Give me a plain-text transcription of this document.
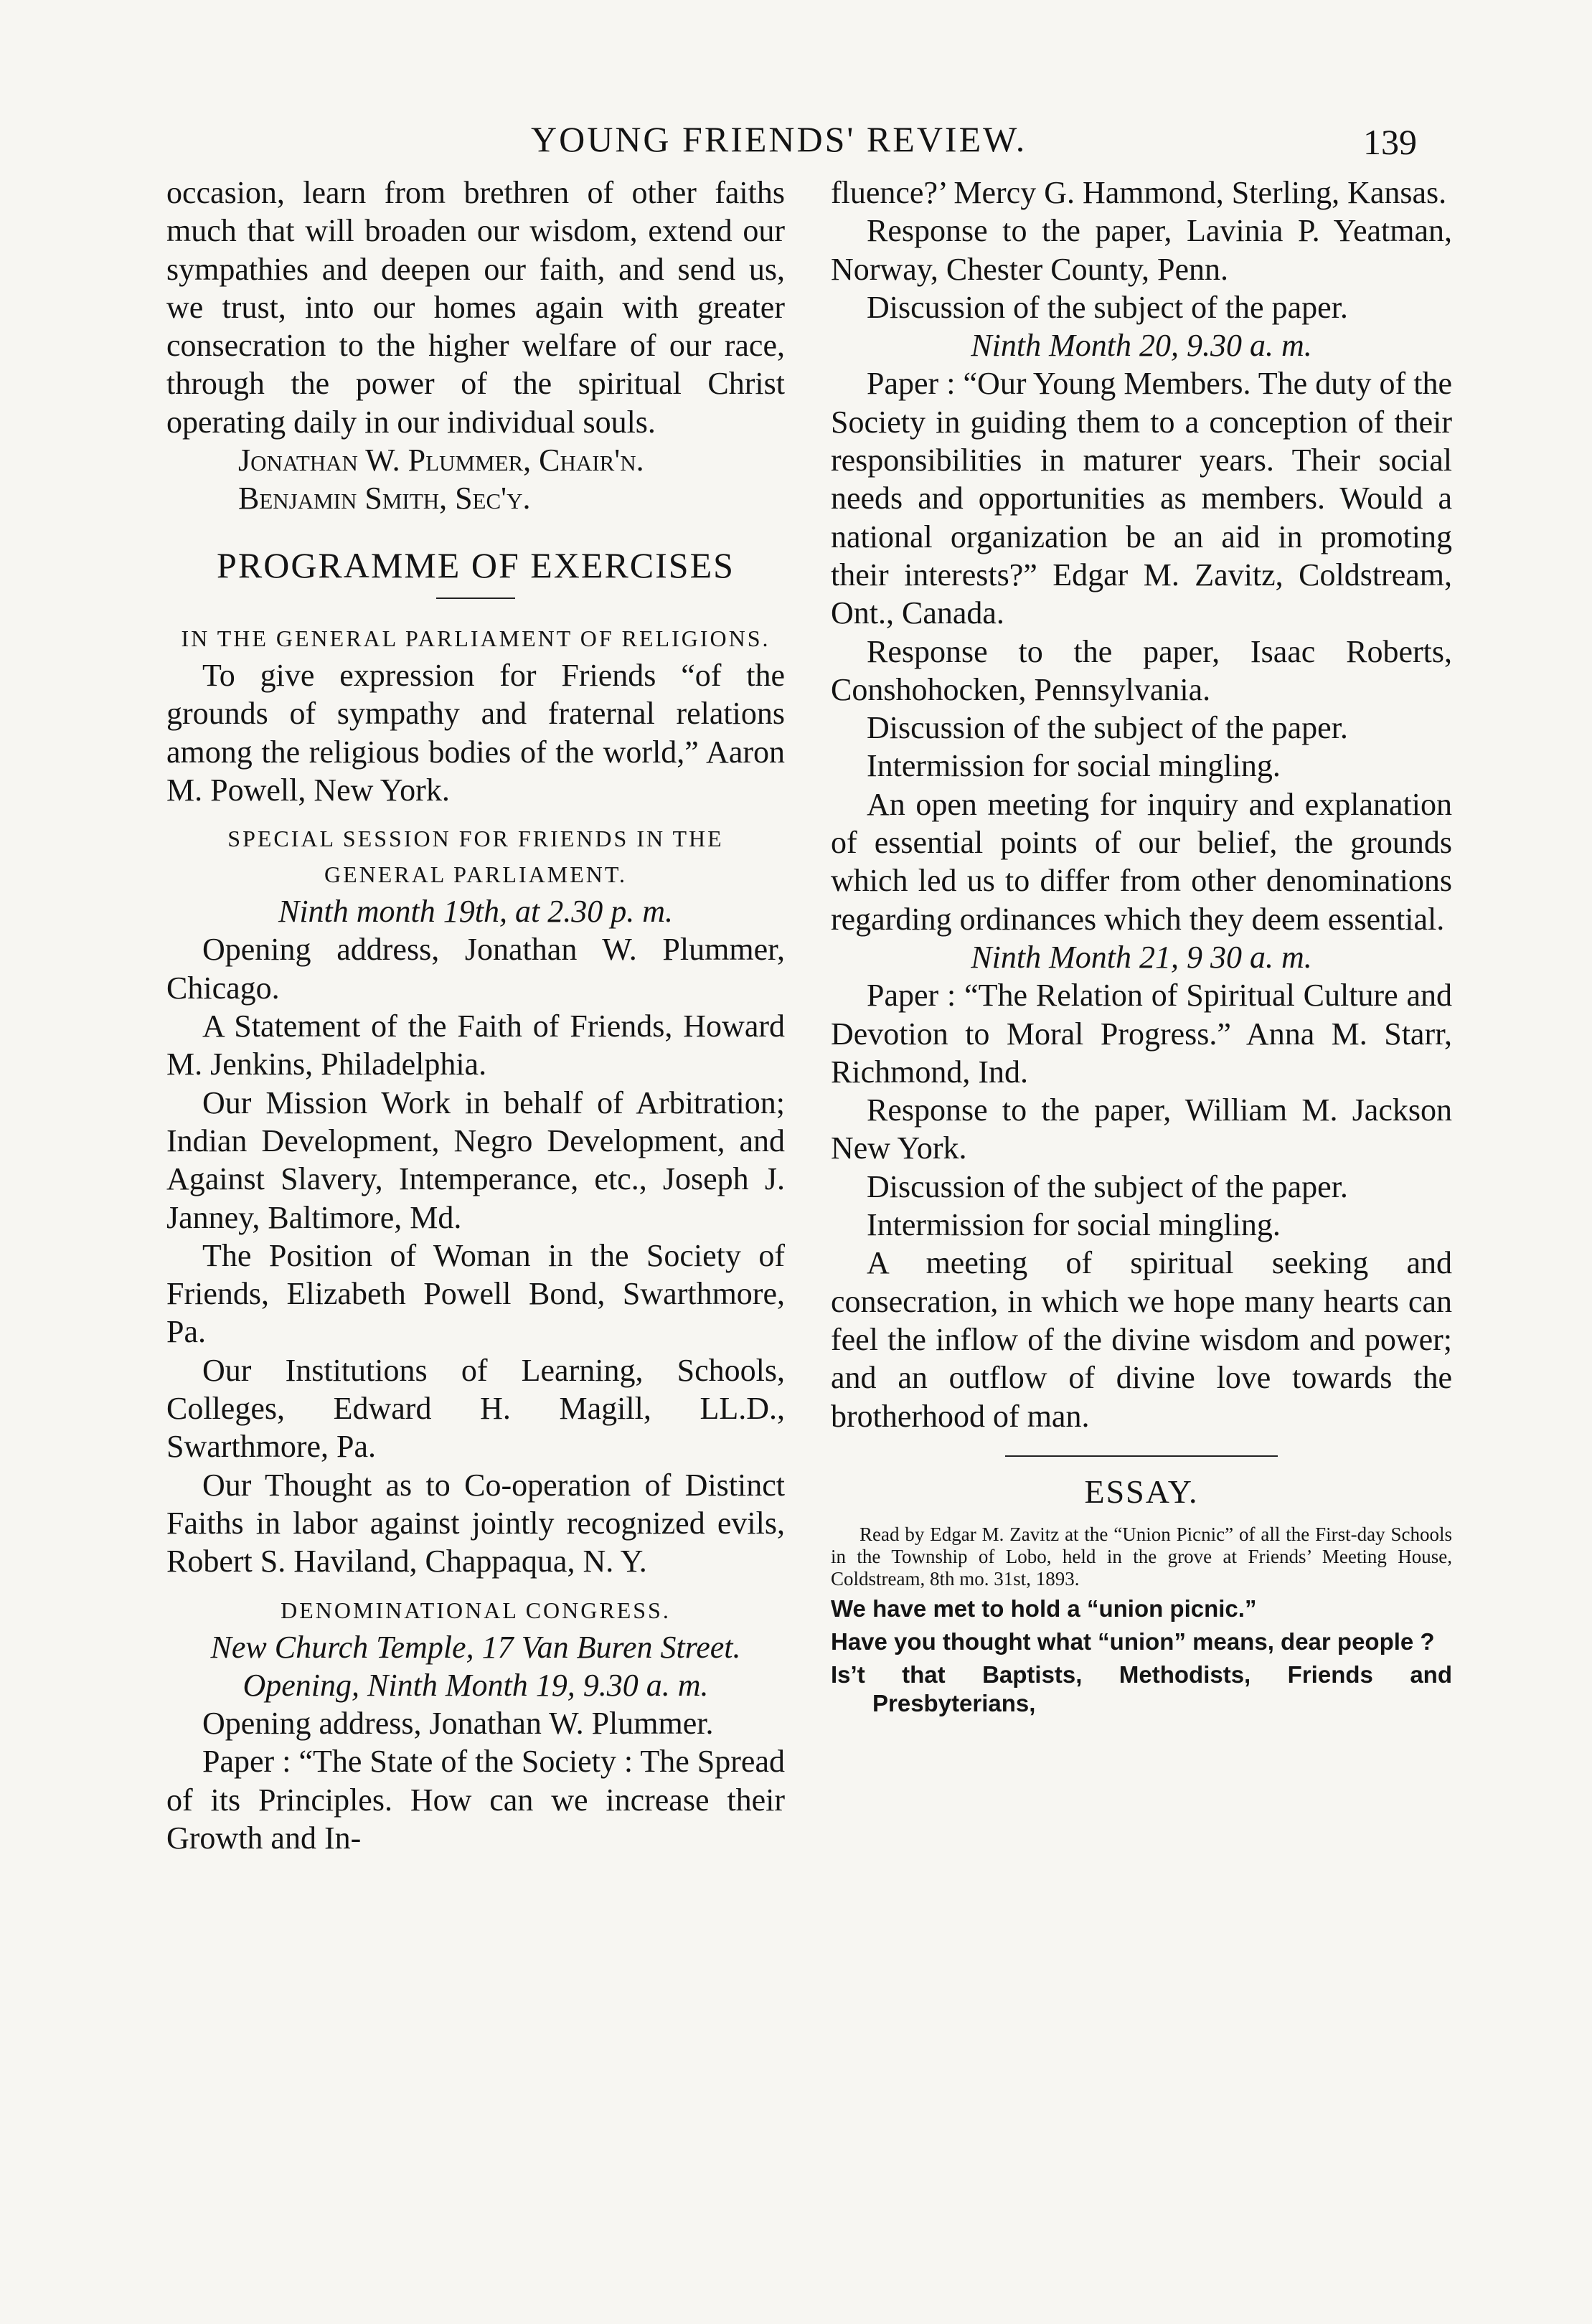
YOUNG FRIENDS' REVIEW.	139

occasion, learn from brethren of other faiths much that will broaden our wisdom, extend our sympathies and deepen our faith, and send us, we trust, into our homes again with greater consecration to the higher welfare of our race, through the power of the spiritual Christ operating daily in our individual souls.

Jonathan W. Plummer, Chair'n.

Benjamin Smith, Sec'y.

PROGRAMME OF EXERCISES
IN THE GENERAL PARLIAMENT OF RELIGIONS.

To give expression for Friends “of the grounds of sympathy and fraternal relations among the religious bodies of the world,” Aaron M. Powell, New York.

SPECIAL SESSION FOR FRIENDS IN THE GENERAL PARLIAMENT.
Ninth month 19th, at 2.30 p. m.

Opening address, Jonathan W. Plummer, Chicago.

A Statement of the Faith of Friends, Howard M. Jenkins, Philadelphia.

Our Mission Work in behalf of Arbitration; Indian Development, Negro Development, and Against Slavery, Intemperance, etc., Joseph J. Janney, Baltimore, Md.

The Position of Woman in the Society of Friends, Elizabeth Powell Bond, Swarthmore, Pa.

Our Institutions of Learning, Schools, Colleges, Edward H. Magill, LL.D., Swarthmore, Pa.

Our Thought as to Co-operation of Distinct Faiths in labor against jointly recognized evils, Robert S. Haviland, Chappaqua, N. Y.

DENOMINATIONAL CONGRESS.
New Church Temple, 17 Van Buren Street. Opening, Ninth Month 19, 9.30 a. m.

Opening address, Jonathan W. Plummer.

Paper : “The State of the Society : The Spread of its Principles. How can we increase their Growth and In-

fluence?’ Mercy G. Hammond, Sterling, Kansas.

Response to the paper, Lavinia P. Yeatman, Norway, Chester County, Penn.

Discussion of the subject of the paper.

Ninth Month 20, 9.30 a. m.

Paper : “Our Young Members. The duty of the Society in guiding them to a conception of their responsibilities in maturer years. Their social needs and opportunities as members. Would a national organization be an aid in promoting their interests?” Edgar M. Zavitz, Coldstream, Ont., Canada.

Response to the paper, Isaac Roberts, Conshohocken, Pennsylvania.

Discussion of the subject of the paper.

Intermission for social mingling.

An open meeting for inquiry and explanation of essential points of our belief, the grounds which led us to differ from other denominations regarding ordinances which they deem essential.

Ninth Month 21, 9 30 a. m.

Paper : “The Relation of Spiritual Culture and Devotion to Moral Progress.” Anna M. Starr, Richmond, Ind.

Response to the paper, William M. Jackson New York.

Discussion of the subject of the paper.

Intermission for social mingling.

A meeting of spiritual seeking and consecration, in which we hope many hearts can feel the inflow of the divine wisdom and power; and an outflow of divine love towards the brotherhood of man.

ESSAY.

Read by Edgar M. Zavitz at the “Union Picnic” of all the First-day Schools in the Township of Lobo, held in the grove at Friends’ Meeting House, Coldstream, 8th mo. 31st, 1893.

We have met to hold a “union picnic.”

Have you thought what “union” means, dear people ?

Is’t that Baptists, Methodists, Friends and Presbyterians,
